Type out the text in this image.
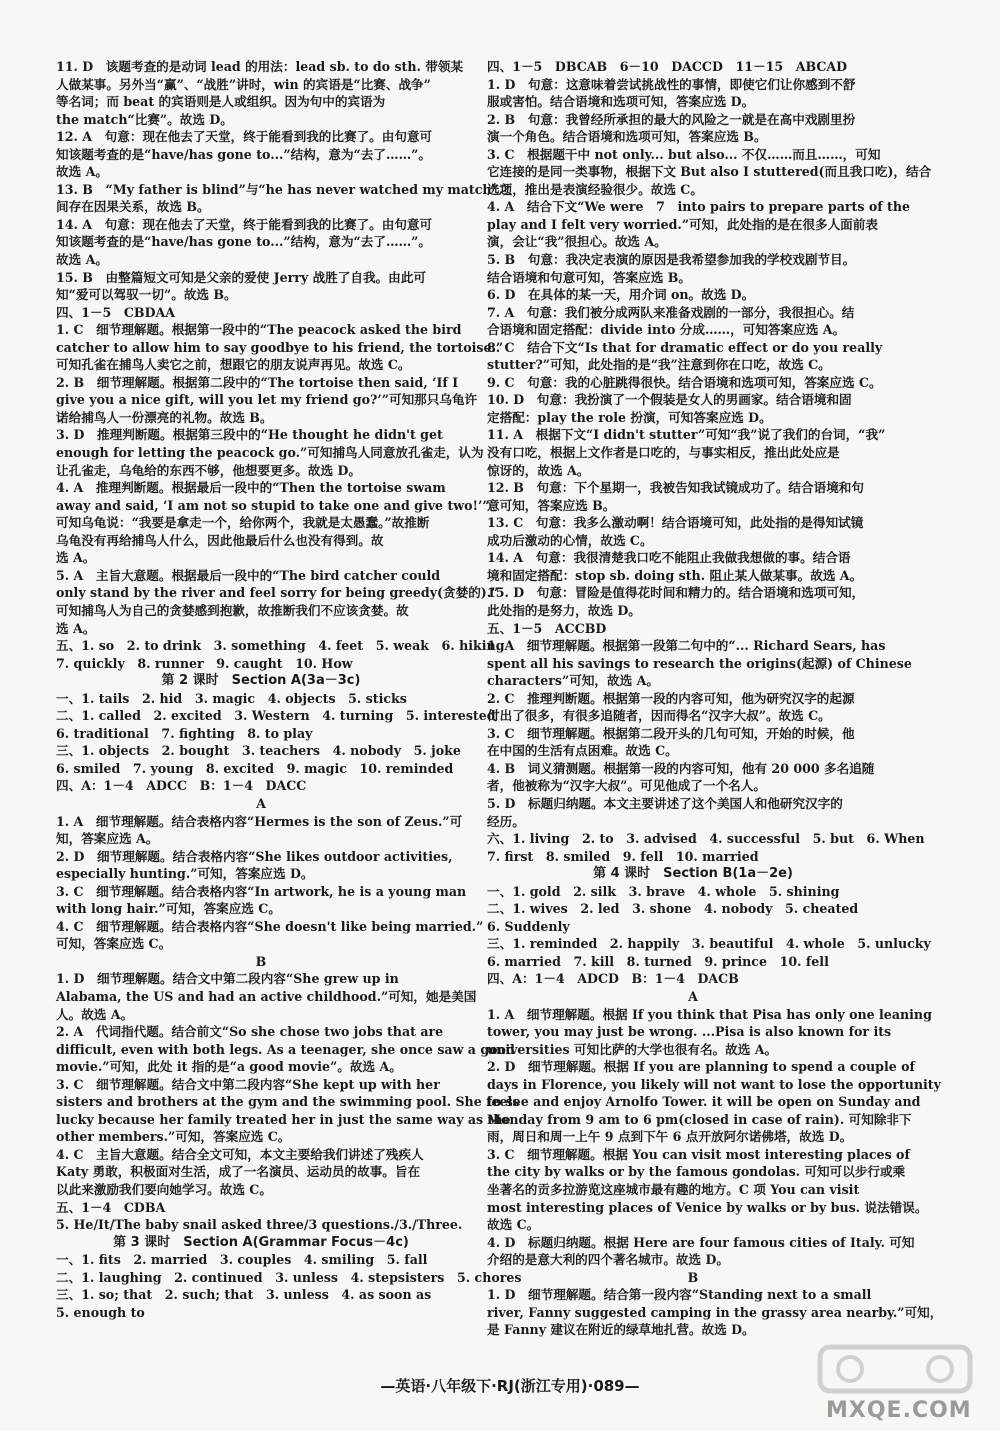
11. D　该题考查的是动词 lead 的用法：lead sb. to do sth. 带领某
人做某事。另外当“赢”、“战胜”讲时，win 的宾语是“比赛、战争”
等名词；而 beat 的宾语则是人或组织。因为句中的宾语为
the match“比赛”。故选 D。
12. A　句意：现在他去了天堂，终于能看到我的比赛了。由句意可
知该题考查的是“have/has gone to...”结构，意为“去了……”。
故选 A。
13. B　“My father is blind”与“he has never watched my match”之
间存在因果关系，故选 B。
14. A　句意：现在他去了天堂，终于能看到我的比赛了。由句意可
知该题考查的是“have/has gone to...”结构，意为“去了……”。
故选 A。
15. B　由整篇短文可知是父亲的爱使 Jerry 战胜了自我。由此可
知“爱可以驾驭一切”。故选 B。
四、1－5　CBDAA
1. C　细节理解题。根据第一段中的“The peacock asked the bird
catcher to allow him to say goodbye to his friend, the tortoise.”
可知孔雀在捕鸟人卖它之前，想跟它的朋友说声再见。故选 C。
2. B　细节理解题。根据第二段中的“The tortoise then said, ‘If I
give you a nice gift, will you let my friend go?’”可知那只乌龟许
诺给捕鸟人一份漂亮的礼物。故选 B。
3. D　推理判断题。根据第三段中的“He thought he didn't get
enough for letting the peacock go.”可知捕鸟人同意放孔雀走，认为
让孔雀走，乌龟给的东西不够，他想要更多。故选 D。
4. A　推理判断题。根据最后一段中的“Then the tortoise swam
away and said, ‘I am not so stupid to take one and give two!’”
可知乌龟说：“我要是拿走一个，给你两个，我就是太愚蠢。”故推断
乌龟没有再给捕鸟人什么，因此他最后什么也没有得到。故
选 A。
5. A　主旨大意题。根据最后一段中的“The bird catcher could
only stand by the river and feel sorry for being greedy(贪婪的).”
可知捕鸟人为自己的贪婪感到抱歉，故推断我们不应该贪婪。故
选 A。
五、1. so　2. to drink　3. something　4. feet　5. weak　6. hiking
7. quickly　8. runner　9. caught　10. How
第 2 课时　Section A(3a－3c)
一、1. tails　2. hid　3. magic　4. objects　5. sticks
二、1. called　2. excited　3. Western　4. turning　5. interested
6. traditional　7. fighting　8. to play
三、1. objects　2. bought　3. teachers　4. nobody　5. joke
6. smiled　7. young　8. excited　9. magic　10. reminded
四、A：1－4　ADCC　B：1－4　DACC
A
1. A　细节理解题。结合表格内容“Hermes is the son of Zeus.”可
知，答案应选 A。
2. D　细节理解题。结合表格内容“She likes outdoor activities,
especially hunting.”可知，答案应选 D。
3. C　细节理解题。结合表格内容“In artwork, he is a young man
with long hair.”可知，答案应选 C。
4. C　细节理解题。结合表格内容“She doesn't like being married.”
可知，答案应选 C。
B
1. D　细节理解题。结合文中第二段内容“She grew up in
Alabama, the US and had an active childhood.”可知，她是美国
人。故选 A。
2. A　代词指代题。结合前文“So she chose two jobs that are
difficult, even with both legs. As a teenager, she once saw a good
movie.”可知，此处 it 指的是“a good movie”。故选 A。
3. C　细节理解题。结合文中第二段内容“She kept up with her
sisters and brothers at the gym and the swimming pool. She feels
lucky because her family treated her in just the same way as the
other members.”可知，答案应选 C。
4. C　主旨大意题。结合全文可知，本文主要给我们讲述了残疾人
Katy 勇敢，积极面对生活，成了一名演员、运动员的故事。旨在
以此来激励我们要向她学习。故选 C。
五、1－4　CDBA
5. He/It/The baby snail asked three/3 questions./3./Three.
第 3 课时　Section A(Grammar Focus－4c)
一、1. fits　2. married　3. couples　4. smiling　5. fall
二、1. laughing　2. continued　3. unless　4. stepsisters　5. chores
三、1. so; that　2. such; that　3. unless　4. as soon as
5. enough to
四、1－5　DBCAB　6－10　DACCD　11－15　ABCAD
1. D　句意：这意味着尝试挑战性的事情，即使它们让你感到不舒
服或害怕。结合语境和选项可知，答案应选 D。
2. B　句意：我曾经所承担的最大的风险之一就是在高中戏剧里扮
演一个角色。结合语境和选项可知，答案应选 B。
3. C　根据题干中 not only... but also... 不仅……而且……，可知
它连接的是同一类事物，根据下文 But also I stuttered(而且我口吃)，结合
选项，推出是表演经验很少。故选 C。
4. A　结合下文“We were　7　into pairs to prepare parts of the
play and I felt very worried.”可知，此处指的是在很多人面前表
演，会让“我”很担心。故选 A。
5. B　句意：我决定表演的原因是我希望参加我的学校戏剧节目。
结合语境和句意可知，答案应选 B。
6. D　在具体的某一天，用介词 on。故选 D。
7. A　句意：我们被分成两队来准备戏剧的一部分，我很担心。结
合语境和固定搭配：divide into 分成……，可知答案应选 A。
8. C　结合下文“Is that for dramatic effect or do you really
stutter?”可知，此处指的是“我”注意到你在口吃，故选 C。
9. C　句意：我的心脏跳得很快。结合语境和选项可知，答案应选 C。
10. D　句意：我扮演了一个假装是女人的男画家。结合语境和固
定搭配：play the role 扮演，可知答案应选 D。
11. A　根据下文“I didn't stutter”可知“我”说了我们的台词，“我”
没有口吃，根据上文作者是口吃的，与事实相反，推出此处应是
惊讶的，故选 A。
12. B　句意：下个星期一，我被告知我试镜成功了。结合语境和句
意可知，答案应选 B。
13. C　句意：我多么激动啊！结合语境可知，此处指的是得知试镜
成功后激动的心情，故选 C。
14. A　句意：我很清楚我口吃不能阻止我做我想做的事。结合语
境和固定搭配：stop sb. doing sth. 阻止某人做某事。故选 A。
15. D　句意：冒险是值得花时间和精力的。结合语境和选项可知，
此处指的是努力，故选 D。
五、1－5　ACCBD
1. A　细节理解题。根据第一段第二句中的“... Richard Sears, has
spent all his savings to research the origins(起源) of Chinese
characters”可知，故选 A。
2. C　推理判断题。根据第一段的内容可知，他为研究汉字的起源
付出了很多，有很多追随者，因而得名“汉字大叔”。故选 C。
3. C　细节理解题。根据第二段开头的几句可知，开始的时候，他
在中国的生活有点困难。故选 C。
4. B　词义猜测题。根据第一段的内容可知，他有 20 000 多名追随
者，他被称为“汉字大叔”。可见他成了一个名人。
5. D　标题归纳题。本文主要讲述了这个美国人和他研究汉字的
经历。
六、1. living　2. to　3. advised　4. successful　5. but　6. When
7. first　8. smiled　9. fell　10. married
第 4 课时　Section B(1a－2e)
一、1. gold　2. silk　3. brave　4. whole　5. shining
二、1. wives　2. led　3. shone　4. nobody　5. cheated
6. Suddenly
三、1. reminded　2. happily　3. beautiful　4. whole　5. unlucky
6. married　7. kill　8. turned　9. prince　10. fell
四、A：1－4　ADCD　B：1－4　DACB
A
1. A　细节理解题。根据 If you think that Pisa has only one leaning
tower, you may just be wrong. ...Pisa is also known for its
universities 可知比萨的大学也很有名。故选 A。
2. D　细节理解题。根据 If you are planning to spend a couple of
days in Florence, you likely will not want to lose the opportunity
to see and enjoy Arnolfo Tower. it will be open on Sunday and
Monday from 9 am to 6 pm(closed in case of rain). 可知除非下
雨，周日和周一上午 9 点到下午 6 点开放阿尔诺佛塔，故选 D。
3. C　细节理解题。根据 You can visit most interesting places of
the city by walks or by the famous gondolas. 可知可以步行或乘
坐著名的贡多拉游览这座城市最有趣的地方。C 项 You can visit
most interesting places of Venice by walks or by bus. 说法错误。
故选 C。
4. D　标题归纳题。根据 Here are four famous cities of Italy. 可知
介绍的是意大利的四个著名城市。故选 D。
B
1. D　细节理解题。结合第一段内容“Standing next to a small
river, Fanny suggested camping in the grassy area nearby.”可知，
是 Fanny 建议在附近的绿草地扎营。故选 D。
—英语·八年级下·RJ(浙江专用)·089—
MXQE.COM
